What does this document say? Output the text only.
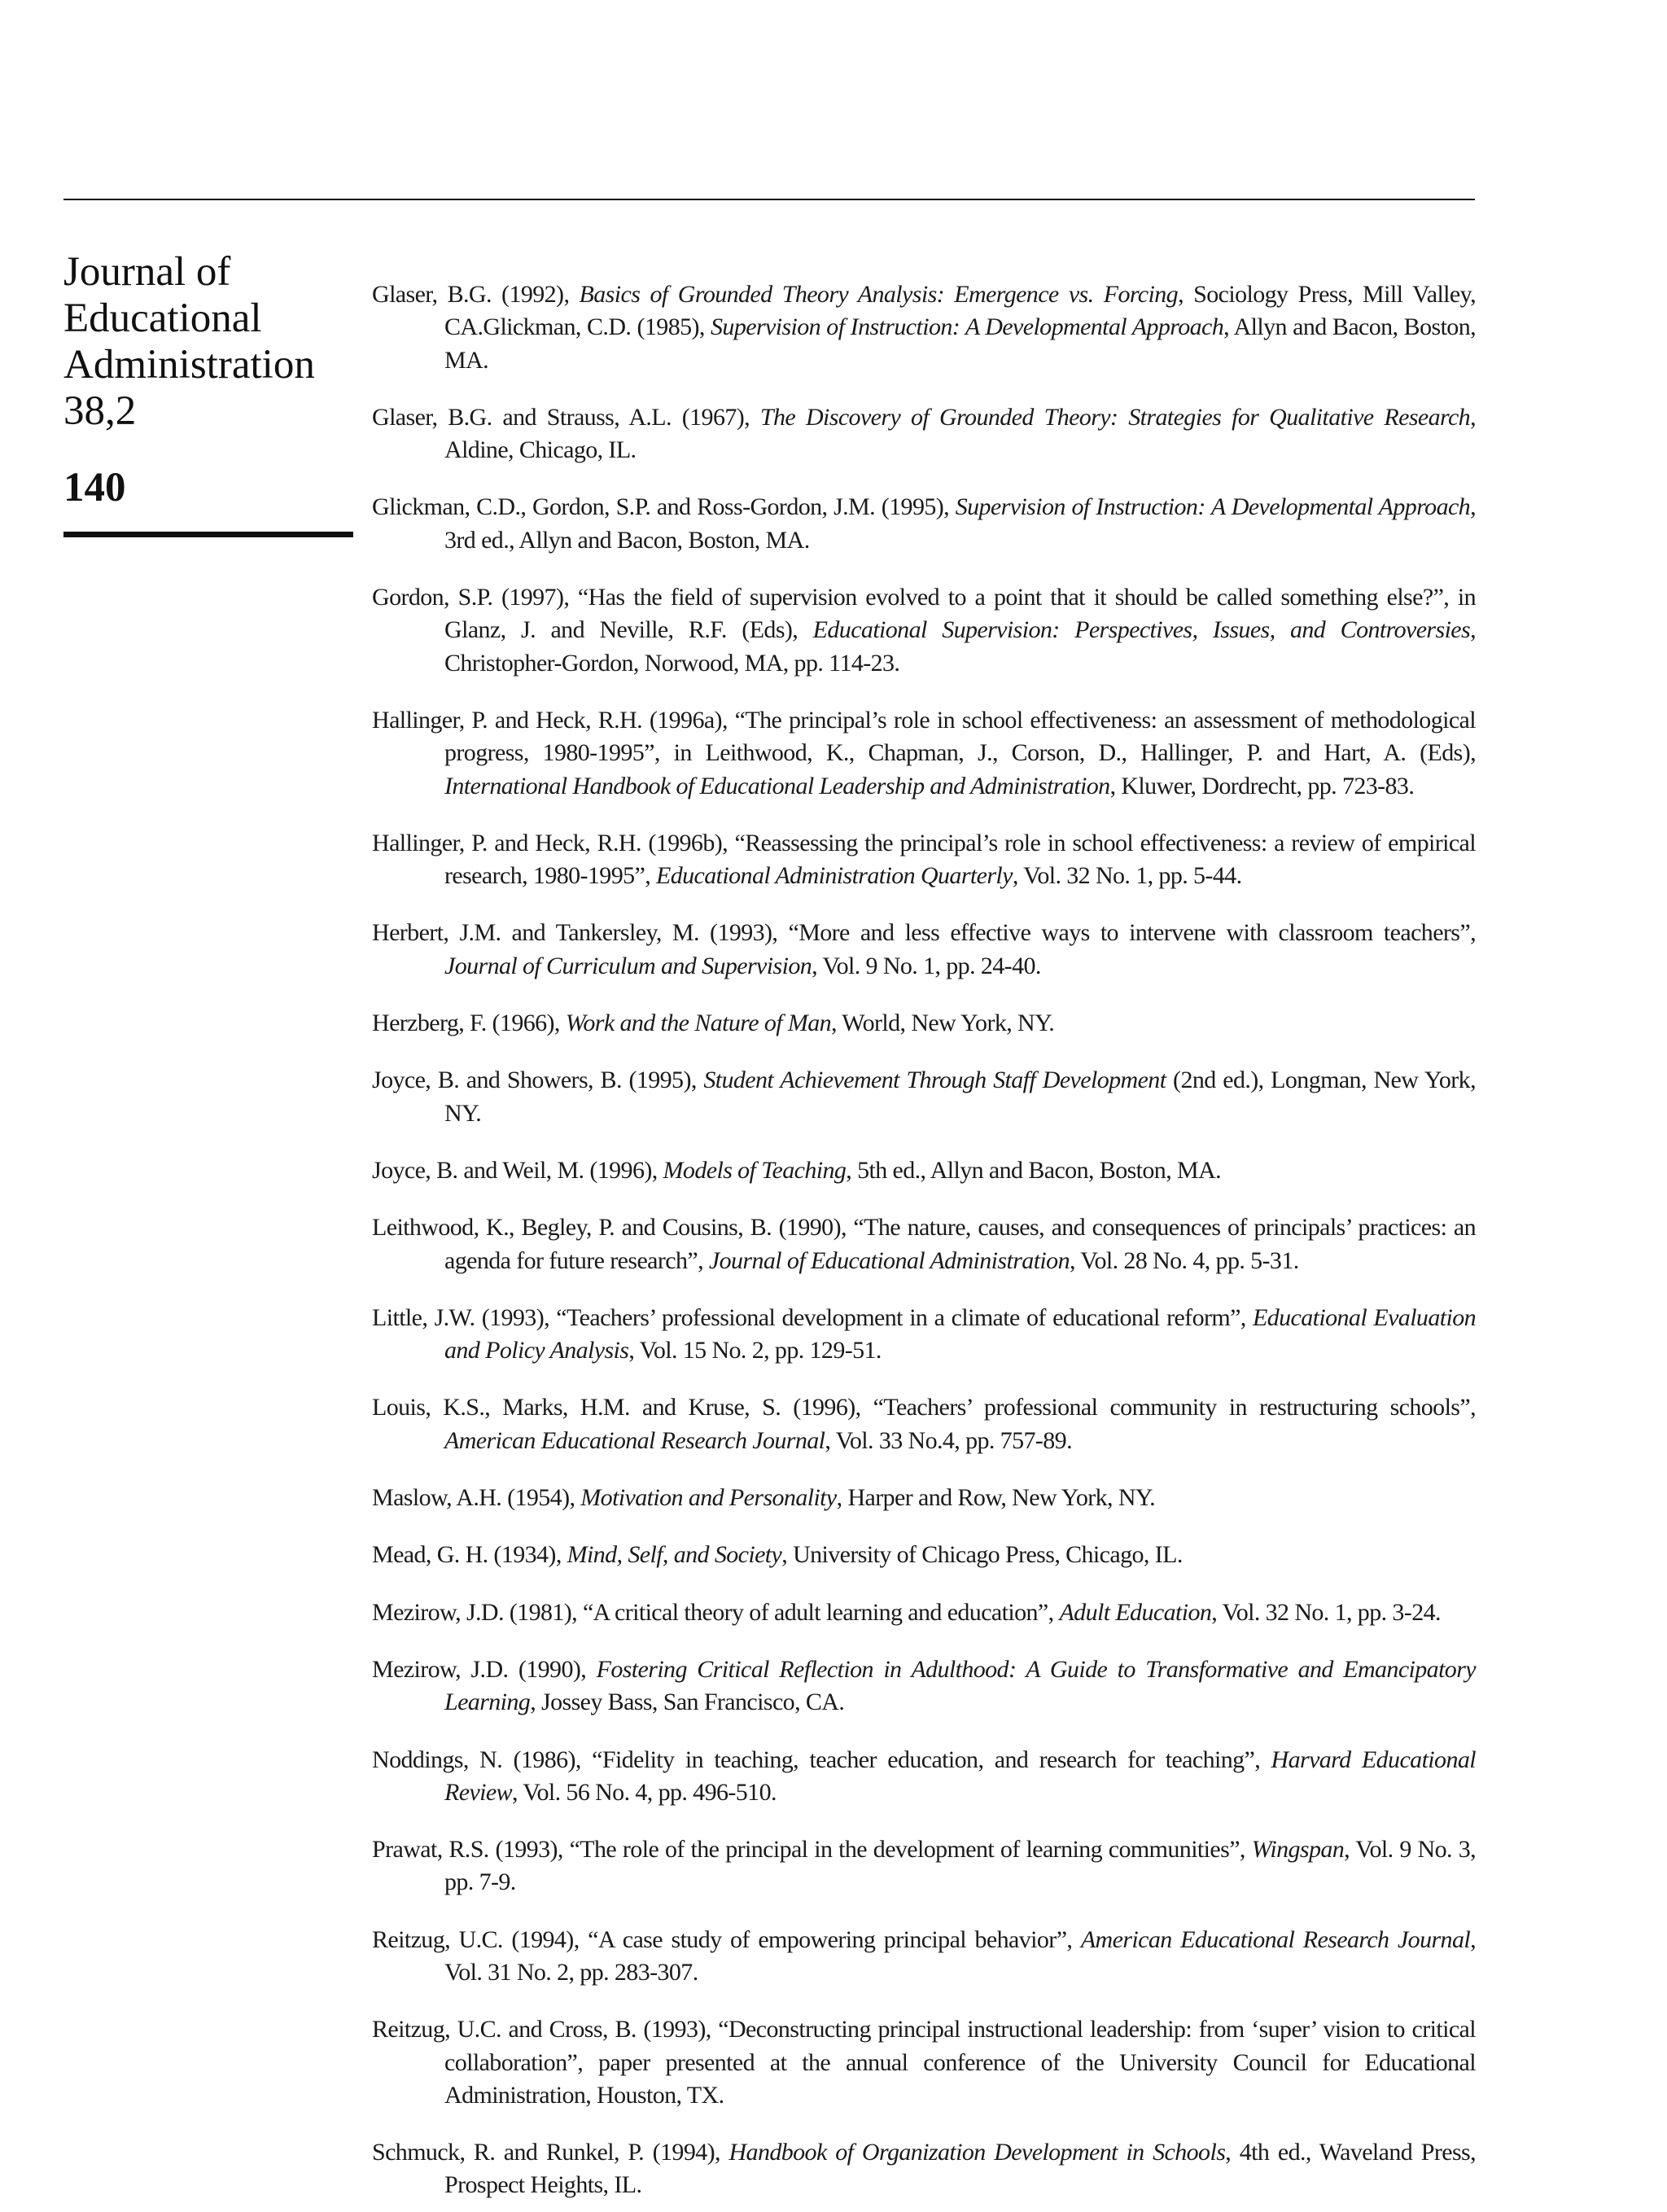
Journal of
Educational
Administration
38,2
140

Glaser, B.G. (1992), Basics of Grounded Theory Analysis: Emergence vs. Forcing, Sociology Press, Mill Valley, CA.Glickman, C.D. (1985), Supervision of Instruction: A Developmental Approach, Allyn and Bacon, Boston, MA.

Glaser, B.G. and Strauss, A.L. (1967), The Discovery of Grounded Theory: Strategies for Qualitative Research, Aldine, Chicago, IL.

Glickman, C.D., Gordon, S.P. and Ross-Gordon, J.M. (1995), Supervision of Instruction: A Developmental Approach, 3rd ed., Allyn and Bacon, Boston, MA.

Gordon, S.P. (1997), “Has the field of supervision evolved to a point that it should be called something else?”, in Glanz, J. and Neville, R.F. (Eds), Educational Supervision: Perspectives, Issues, and Controversies, Christopher-Gordon, Norwood, MA, pp. 114-23.

Hallinger, P. and Heck, R.H. (1996a), “The principal’s role in school effectiveness: an assessment of methodological progress, 1980-1995”, in Leithwood, K., Chapman, J., Corson, D., Hallinger, P. and Hart, A. (Eds), International Handbook of Educational Leadership and Administration, Kluwer, Dordrecht, pp. 723-83.

Hallinger, P. and Heck, R.H. (1996b), “Reassessing the principal’s role in school effectiveness: a review of empirical research, 1980-1995”, Educational Administration Quarterly, Vol. 32 No. 1, pp. 5-44.

Herbert, J.M. and Tankersley, M. (1993), “More and less effective ways to intervene with classroom teachers”, Journal of Curriculum and Supervision, Vol. 9 No. 1, pp. 24-40.

Herzberg, F. (1966), Work and the Nature of Man, World, New York, NY.

Joyce, B. and Showers, B. (1995), Student Achievement Through Staff Development (2nd ed.), Longman, New York, NY.

Joyce, B. and Weil, M. (1996), Models of Teaching, 5th ed., Allyn and Bacon, Boston, MA.

Leithwood, K., Begley, P. and Cousins, B. (1990), “The nature, causes, and consequences of principals’ practices: an agenda for future research”, Journal of Educational Administration, Vol. 28 No. 4, pp. 5-31.

Little, J.W. (1993), “Teachers’ professional development in a climate of educational reform”, Educational Evaluation and Policy Analysis, Vol. 15 No. 2, pp. 129-51.

Louis, K.S., Marks, H.M. and Kruse, S. (1996), “Teachers’ professional community in restructuring schools”, American Educational Research Journal, Vol. 33 No.4, pp. 757-89.

Maslow, A.H. (1954), Motivation and Personality, Harper and Row, New York, NY.

Mead, G. H. (1934), Mind, Self, and Society, University of Chicago Press, Chicago, IL.

Mezirow, J.D. (1981), “A critical theory of adult learning and education”, Adult Education, Vol. 32 No. 1, pp. 3-24.

Mezirow, J.D. (1990), Fostering Critical Reflection in Adulthood: A Guide to Transformative and Emancipatory Learning, Jossey Bass, San Francisco, CA.

Noddings, N. (1986), “Fidelity in teaching, teacher education, and research for teaching”, Harvard Educational Review, Vol. 56 No. 4, pp. 496-510.

Prawat, R.S. (1993), “The role of the principal in the development of learning communities”, Wingspan, Vol. 9 No. 3, pp. 7-9.

Reitzug, U.C. (1994), “A case study of empowering principal behavior”, American Educational Research Journal, Vol. 31 No. 2, pp. 283-307.

Reitzug, U.C. and Cross, B. (1993), “Deconstructing principal instructional leadership: from ‘super’ vision to critical collaboration”, paper presented at the annual conference of the University Council for Educational Administration, Houston, TX.

Schmuck, R. and Runkel, P. (1994), Handbook of Organization Development in Schools, 4th ed., Waveland Press, Prospect Heights, IL.
